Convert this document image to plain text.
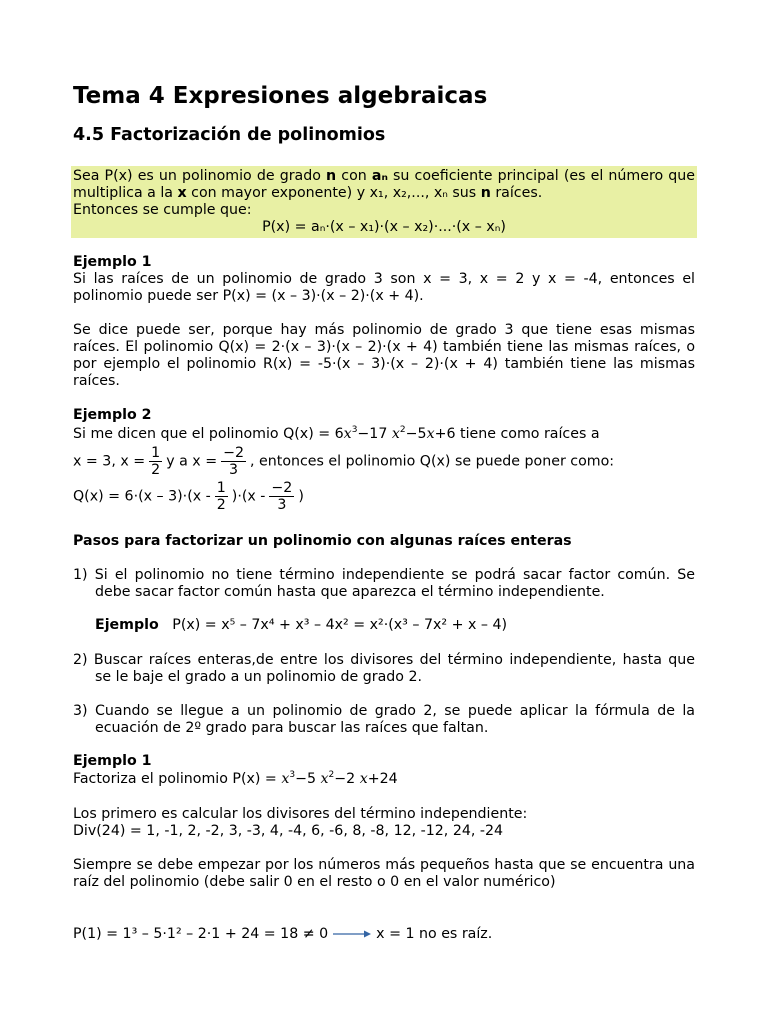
Tema 4 Expresiones algebraicas
4.5 Factorización de polinomios

Sea P(x) es un polinomio de grado n con aₙ su coeficiente principal (es el número que multiplica a la x con mayor exponente) y x₁, x₂,..., xₙ sus n raíces.

Entonces se cumple que:

P(x) = aₙ·(x – x₁)·(x – x₂)·...·(x – xₙ)
Ejemplo 1

Si las raíces de un polinomio de grado 3 son x = 3, x = 2 y x = -4, entonces el polinomio puede ser P(x) = (x – 3)·(x – 2)·(x + 4).

Se dice puede ser, porque hay más polinomio de grado 3 que tiene esas mismas raíces. El polinomio Q(x) = 2·(x – 3)·(x – 2)·(x + 4) también tiene las mismas raíces, o por ejemplo el polinomio R(x) = -5·(x – 3)·(x – 2)·(x + 4) también tiene las mismas raíces.

Ejemplo 2

Si me dicen que el polinomio $Q(x) = 6x^3-17$ $x^2-5x+6$ tiene como raíces a

x = 3, $x = \frac{1}{2}$ y a $x = \frac{-2}{3}$ , entonces el polinomio Q(x) se puede poner como:

$Q(x) = 6\cdot(x - 3)\cdot(x - \frac{1}{2} )\cdot(x - \frac{-2}{3}$ )

Pasos para factorizar un polinomio con algunas raíces enteras

1) Si el polinomio no tiene término independiente se podrá sacar factor común. Se debe sacar factor común hasta que aparezca el término independiente.

Ejemplo P(x) = x⁵ – 7x⁴ + x³ – 4x² = x²·(x³ – 7x² + x – 4)

2) Buscar raíces enteras,de entre los divisores del término independiente, hasta que se le baje el grado a un polinomio de grado 2.

3) Cuando se llegue a un polinomio de grado 2, se puede aplicar la fórmula de la ecuación de 2º grado para buscar las raíces que faltan.

Ejemplo 1

Factoriza el polinomio $P(x) = x^3-5$ $x^2-2$ x+24

Los primero es calcular los divisores del término independiente:

Div(24) = 1, -1, 2, -2, 3, -3, 4, -4, 6, -6, 8, -8, 12, -12, 24, -24

Siempre se debe empezar por los números más pequeños hasta que se encuentra una raíz del polinomio (debe salir 0 en el resto o 0 en el valor numérico)

P(1) = 1³ – 5·1² – 2·1 + 24 = 18 ≠ 0	x = 1 no es raíz.
